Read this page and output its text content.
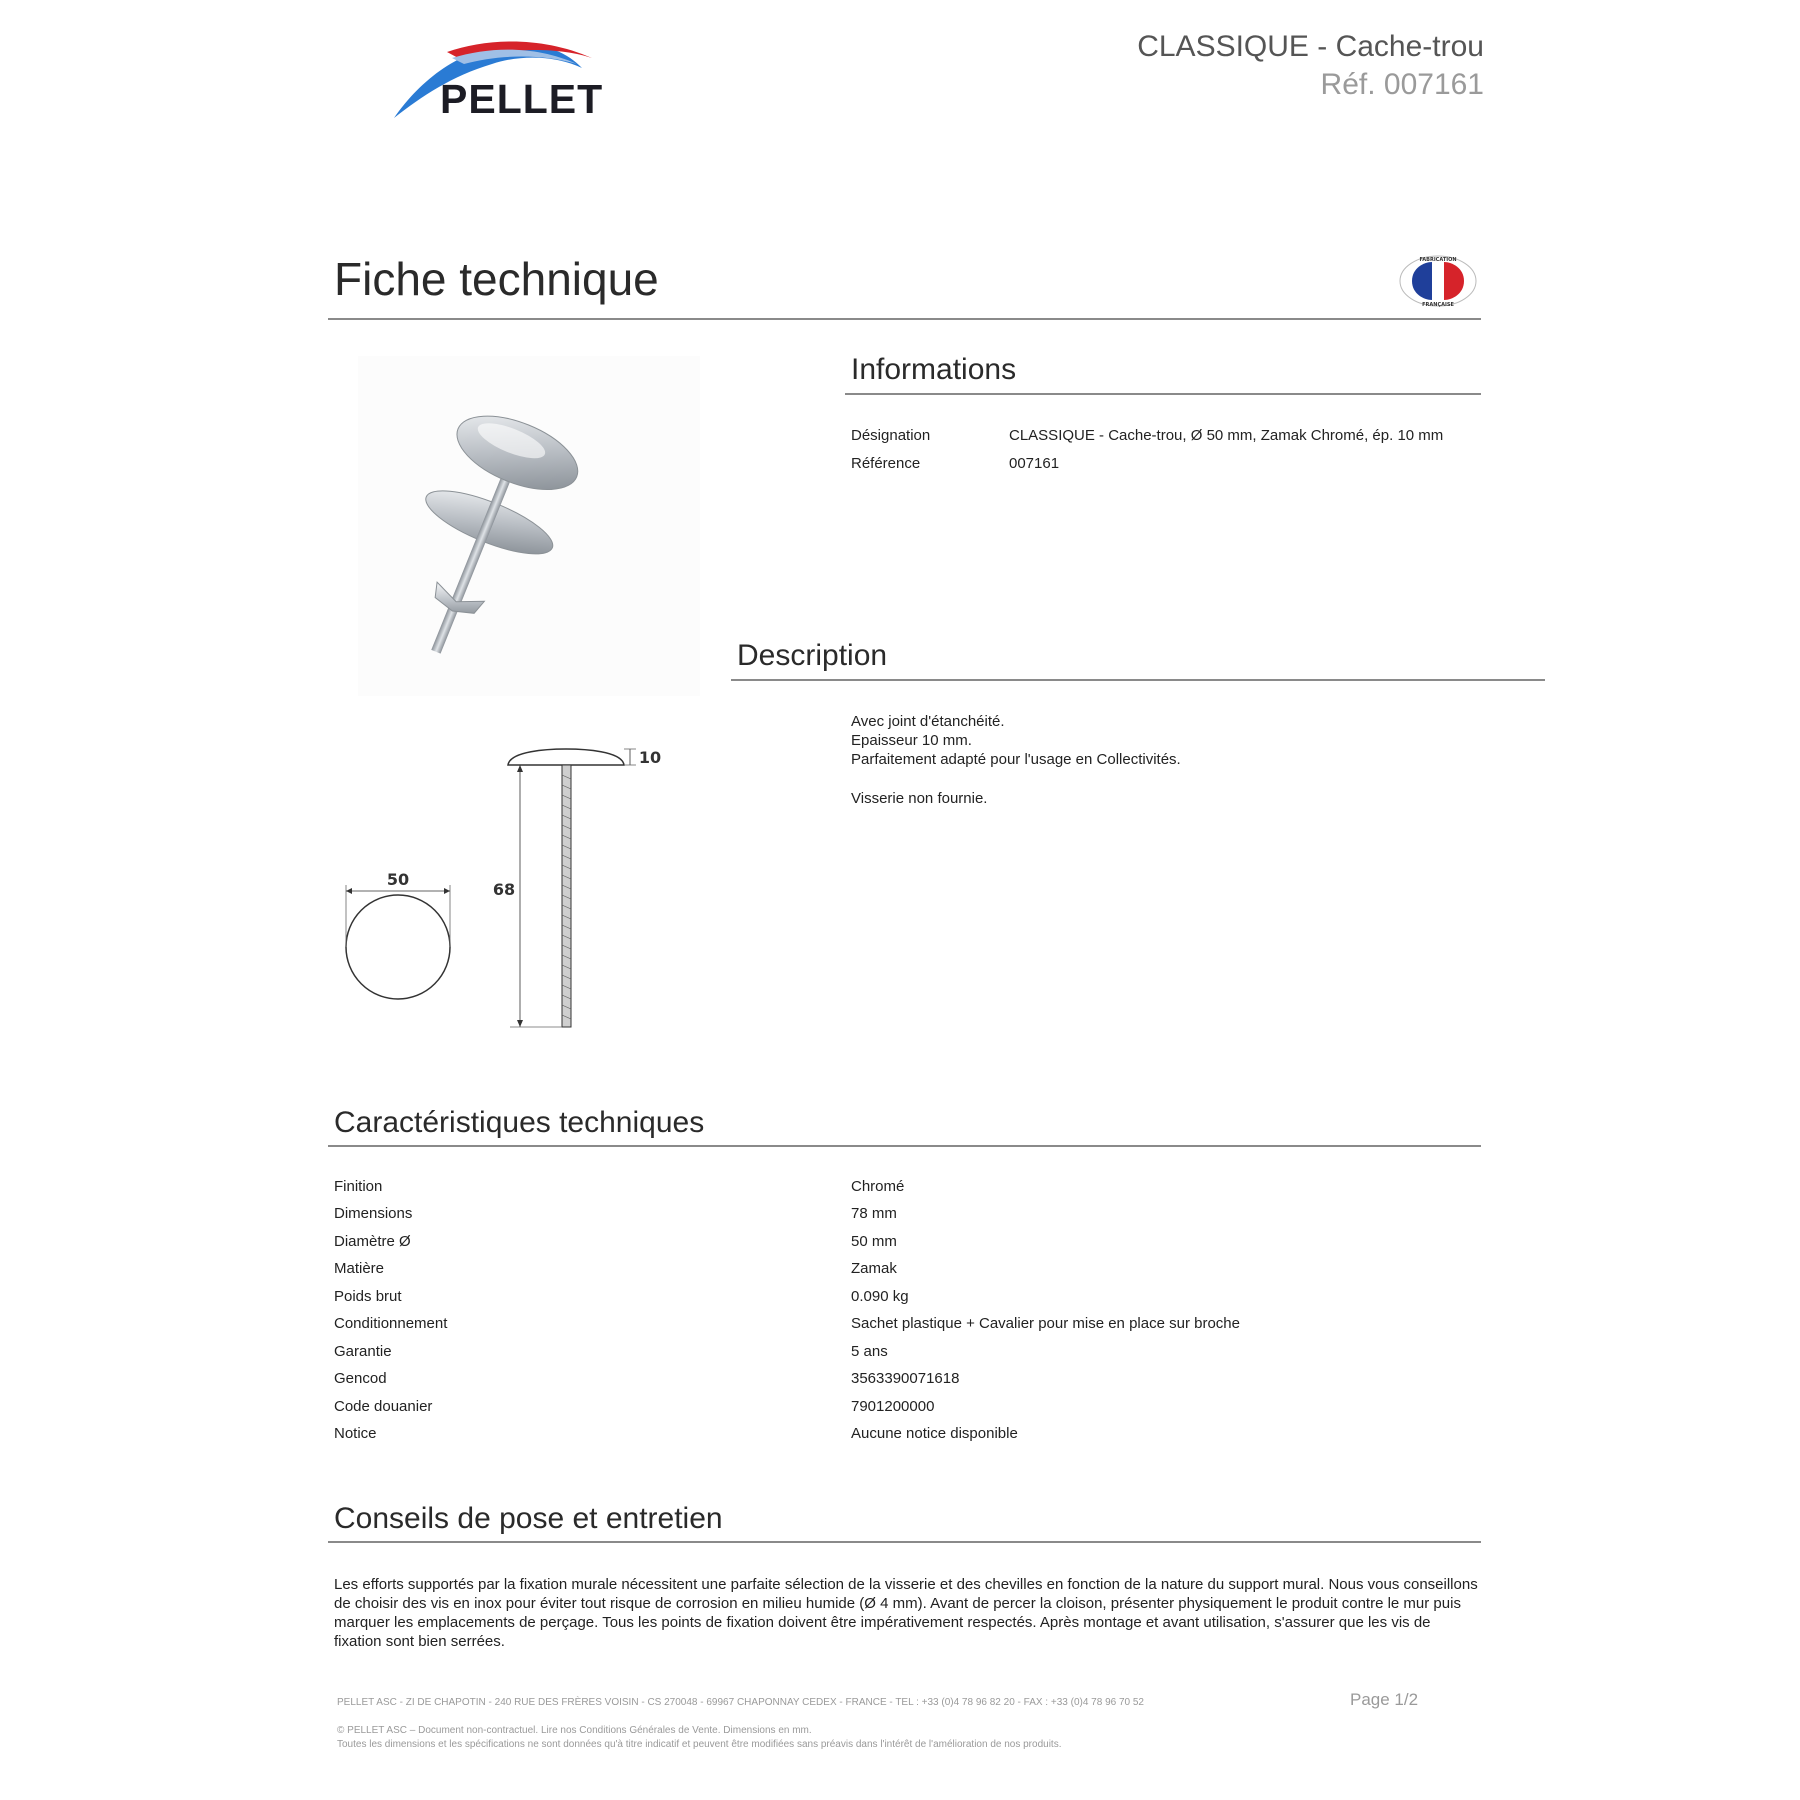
PELLET
CLASSIQUE - Cache-trou
Réf. 007161
Fiche technique	FABRICATION
FRANÇAISE
50
68
10
Informations
Désignation	CLASSIQUE - Cache-trou, Ø 50 mm, Zamak Chromé, ép. 10 mm
Référence	007161
Description
Avec joint d'étanchéité.
Epaisseur 10 mm.
Parfaitement adapté pour l'usage en Collectivités.
Visserie non fournie.
Caractéristiques techniques
Finition	Chromé
Dimensions	78 mm
Diamètre Ø	50 mm
Matière	Zamak
Poids brut	0.090 kg
Conditionnement	Sachet plastique + Cavalier pour mise en place sur broche
Garantie	5 ans
Gencod	3563390071618
Code douanier	7901200000
Notice	Aucune notice disponible
Conseils de pose et entretien
Les efforts supportés par la fixation murale nécessitent une parfaite sélection de la visserie et des chevilles en fonction de la nature du support mural. Nous vous conseillons de choisir des vis en inox pour éviter tout risque de corrosion en milieu humide (Ø 4 mm). Avant de percer la cloison, présenter physiquement le produit contre le mur puis marquer les emplacements de perçage. Tous les points de fixation doivent être impérativement respectés. Après montage et avant utilisation, s'assurer que les vis de fixation sont bien serrées.
PELLET ASC - ZI DE CHAPOTIN - 240 RUE DES FRÈRES VOISIN - CS 270048 - 69967 CHAPONNAY CEDEX - FRANCE - TEL : +33 (0)4 78 96 82 20 - FAX : +33 (0)4 78 96 70 52	Page 1/2
© PELLET ASC – Document non-contractuel. Lire nos Conditions Générales de Vente. Dimensions en mm.
Toutes les dimensions et les spécifications ne sont données qu'à titre indicatif et peuvent être modifiées sans préavis dans l'intérêt de l'amélioration de nos produits.
